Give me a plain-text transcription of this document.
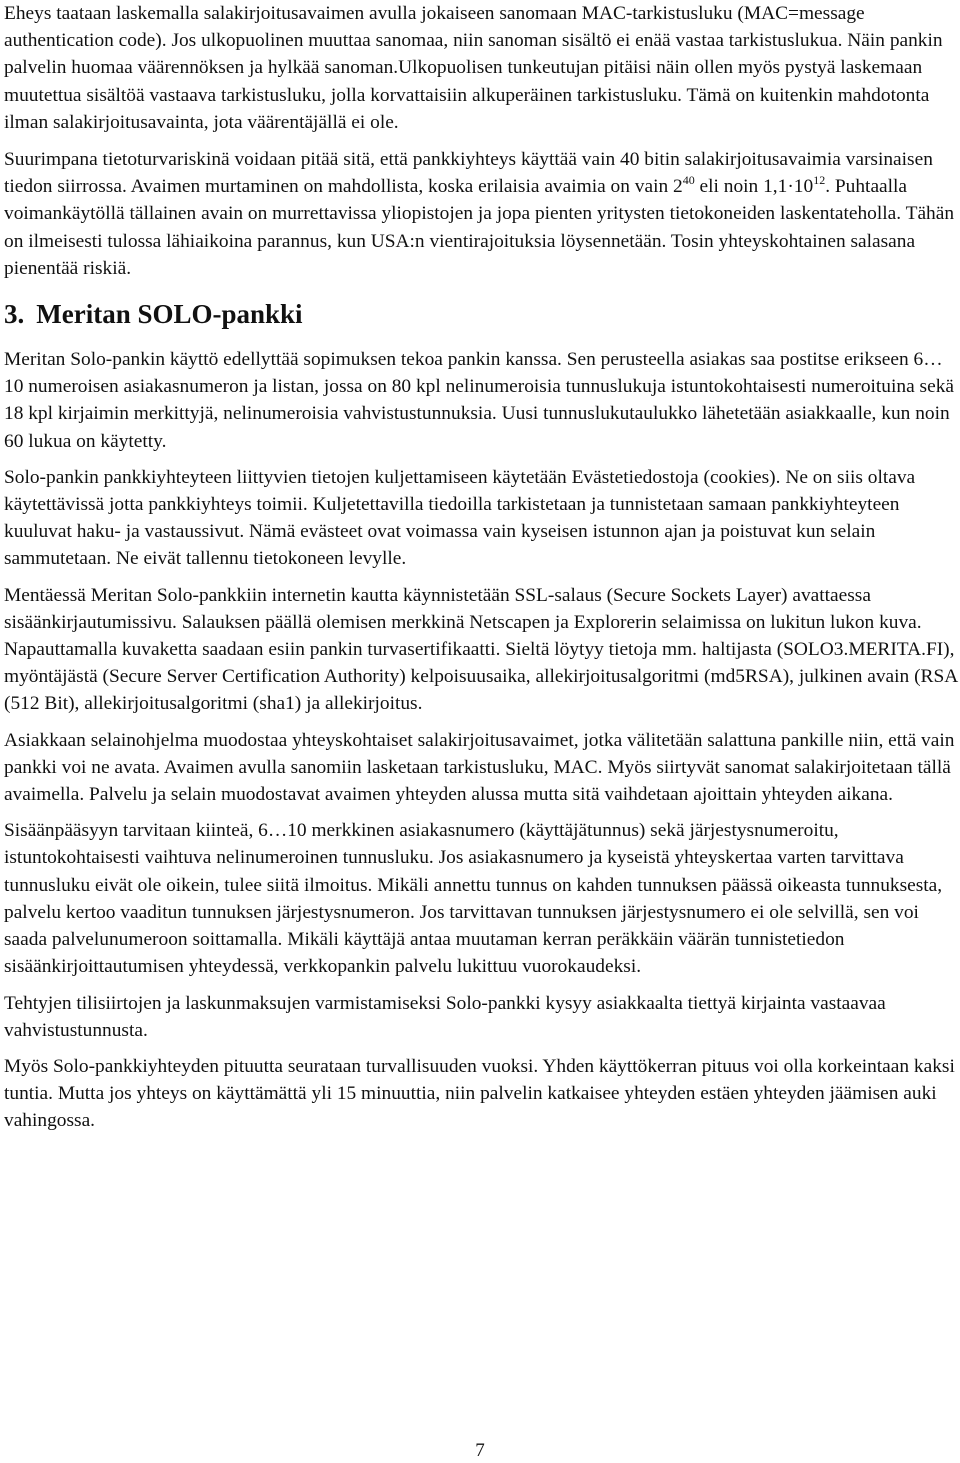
Eheys taataan laskemalla salakirjoitusavaimen avulla jokaiseen sanomaan MAC-tarkistusluku (MAC=message authentication code). Jos ulkopuolinen muuttaa sanomaa, niin sanoman sisältö ei enää vastaa tarkistuslukua. Näin pankin palvelin huomaa väärennöksen ja hylkää sanoman.Ulkopuolisen tunkeutujan pitäisi näin ollen myös pystyä laskemaan muutettua sisältöä vastaava tarkistusluku, jolla korvattaisiin alkuperäinen tarkistusluku. Tämä on kuitenkin mahdotonta ilman salakirjoitusavainta, jota väärentäjällä ei ole.

Suurimpana tietoturvariskinä voidaan pitää sitä, että pankkiyhteys käyttää vain 40 bitin salakirjoitusavaimia varsinaisen tiedon siirrossa. Avaimen murtaminen on mahdollista, koska erilaisia avaimia on vain $2^{40}$ eli noin $1,1\cdot 10^{12}$. Puhtaalla voimankäytöllä tällainen avain on murrettavissa yliopistojen ja jopa pienten yritysten tietokoneiden laskentateholla. Tähän on ilmeisesti tulossa lähiaikoina parannus, kun USA:n vientirajoituksia löysennetään. Tosin yhteyskohtainen salasana pienentää riskiä.

3. Meritan SOLO-pankki

Meritan Solo-pankin käyttö edellyttää sopimuksen tekoa pankin kanssa. Sen perusteella asiakas saa postitse erikseen 6…10 numeroisen asiakasnumeron ja listan, jossa on 80 kpl nelinumeroisia tunnuslukuja istuntokohtaisesti numeroituina sekä 18 kpl kirjaimin merkittyjä, nelinumeroisia vahvistustunnuksia. Uusi tunnuslukutaulukko lähetetään asiakkaalle, kun noin 60 lukua on käytetty.

Solo-pankin pankkiyhteyteen liittyvien tietojen kuljettamiseen käytetään Evästetiedostoja (cookies). Ne on siis oltava käytettävissä jotta pankkiyhteys toimii. Kuljetettavilla tiedoilla tarkistetaan ja tunnistetaan samaan pankkiyhteyteen kuuluvat haku- ja vastaussivut. Nämä evästeet ovat voimassa vain kyseisen istunnon ajan ja poistuvat kun selain sammutetaan. Ne eivät tallennu tietokoneen levylle.

Mentäessä Meritan Solo-pankkiin internetin kautta käynnistetään SSL-salaus (Secure Sockets Layer) avattaessa sisäänkirjautumissivu. Salauksen päällä olemisen merkkinä Netscapen ja Explorerin selaimissa on lukitun lukon kuva. Napauttamalla kuvaketta saadaan esiin pankin turvasertifikaatti. Sieltä löytyy tietoja mm. haltijasta (SOLO3.MERITA.FI), myöntäjästä (Secure Server Certification Authority) kelpoisuusaika, allekirjoitusalgoritmi (md5RSA), julkinen avain (RSA (512 Bit), allekirjoitusalgoritmi (sha1) ja allekirjoitus.

Asiakkaan selainohjelma muodostaa yhteyskohtaiset salakirjoitusavaimet, jotka välitetään salattuna pankille niin, että vain pankki voi ne avata. Avaimen avulla sanomiin lasketaan tarkistusluku, MAC. Myös siirtyvät sanomat salakirjoitetaan tällä avaimella. Palvelu ja selain muodostavat avaimen yhteyden alussa mutta sitä vaihdetaan ajoittain yhteyden aikana.

Sisäänpääsyyn tarvitaan kiinteä, 6…10 merkkinen asiakasnumero (käyttäjätunnus) sekä järjestysnumeroitu, istuntokohtaisesti vaihtuva nelinumeroinen tunnusluku. Jos asiakasnumero ja kyseistä yhteyskertaa varten tarvittava tunnusluku eivät ole oikein, tulee siitä ilmoitus. Mikäli annettu tunnus on kahden tunnuksen päässä oikeasta tunnuksesta, palvelu kertoo vaaditun tunnuksen järjestysnumeron. Jos tarvittavan tunnuksen järjestysnumero ei ole selvillä, sen voi saada palvelunumeroon soittamalla. Mikäli käyttäjä antaa muutaman kerran peräkkäin väärän tunnistetiedon sisäänkirjoittautumisen yhteydessä, verkkopankin palvelu lukittuu vuorokaudeksi.

Tehtyjen tilisiirtojen ja laskunmaksujen varmistamiseksi Solo-pankki kysyy asiakkaalta tiettyä kirjainta vastaavaa vahvistustunnusta.

Myös Solo-pankkiyhteyden pituutta seurataan turvallisuuden vuoksi. Yhden käyttökerran pituus voi olla korkeintaan kaksi tuntia. Mutta jos yhteys on käyttämättä yli 15 minuuttia, niin palvelin katkaisee yhteyden estäen yhteyden jäämisen auki vahingossa.

7
